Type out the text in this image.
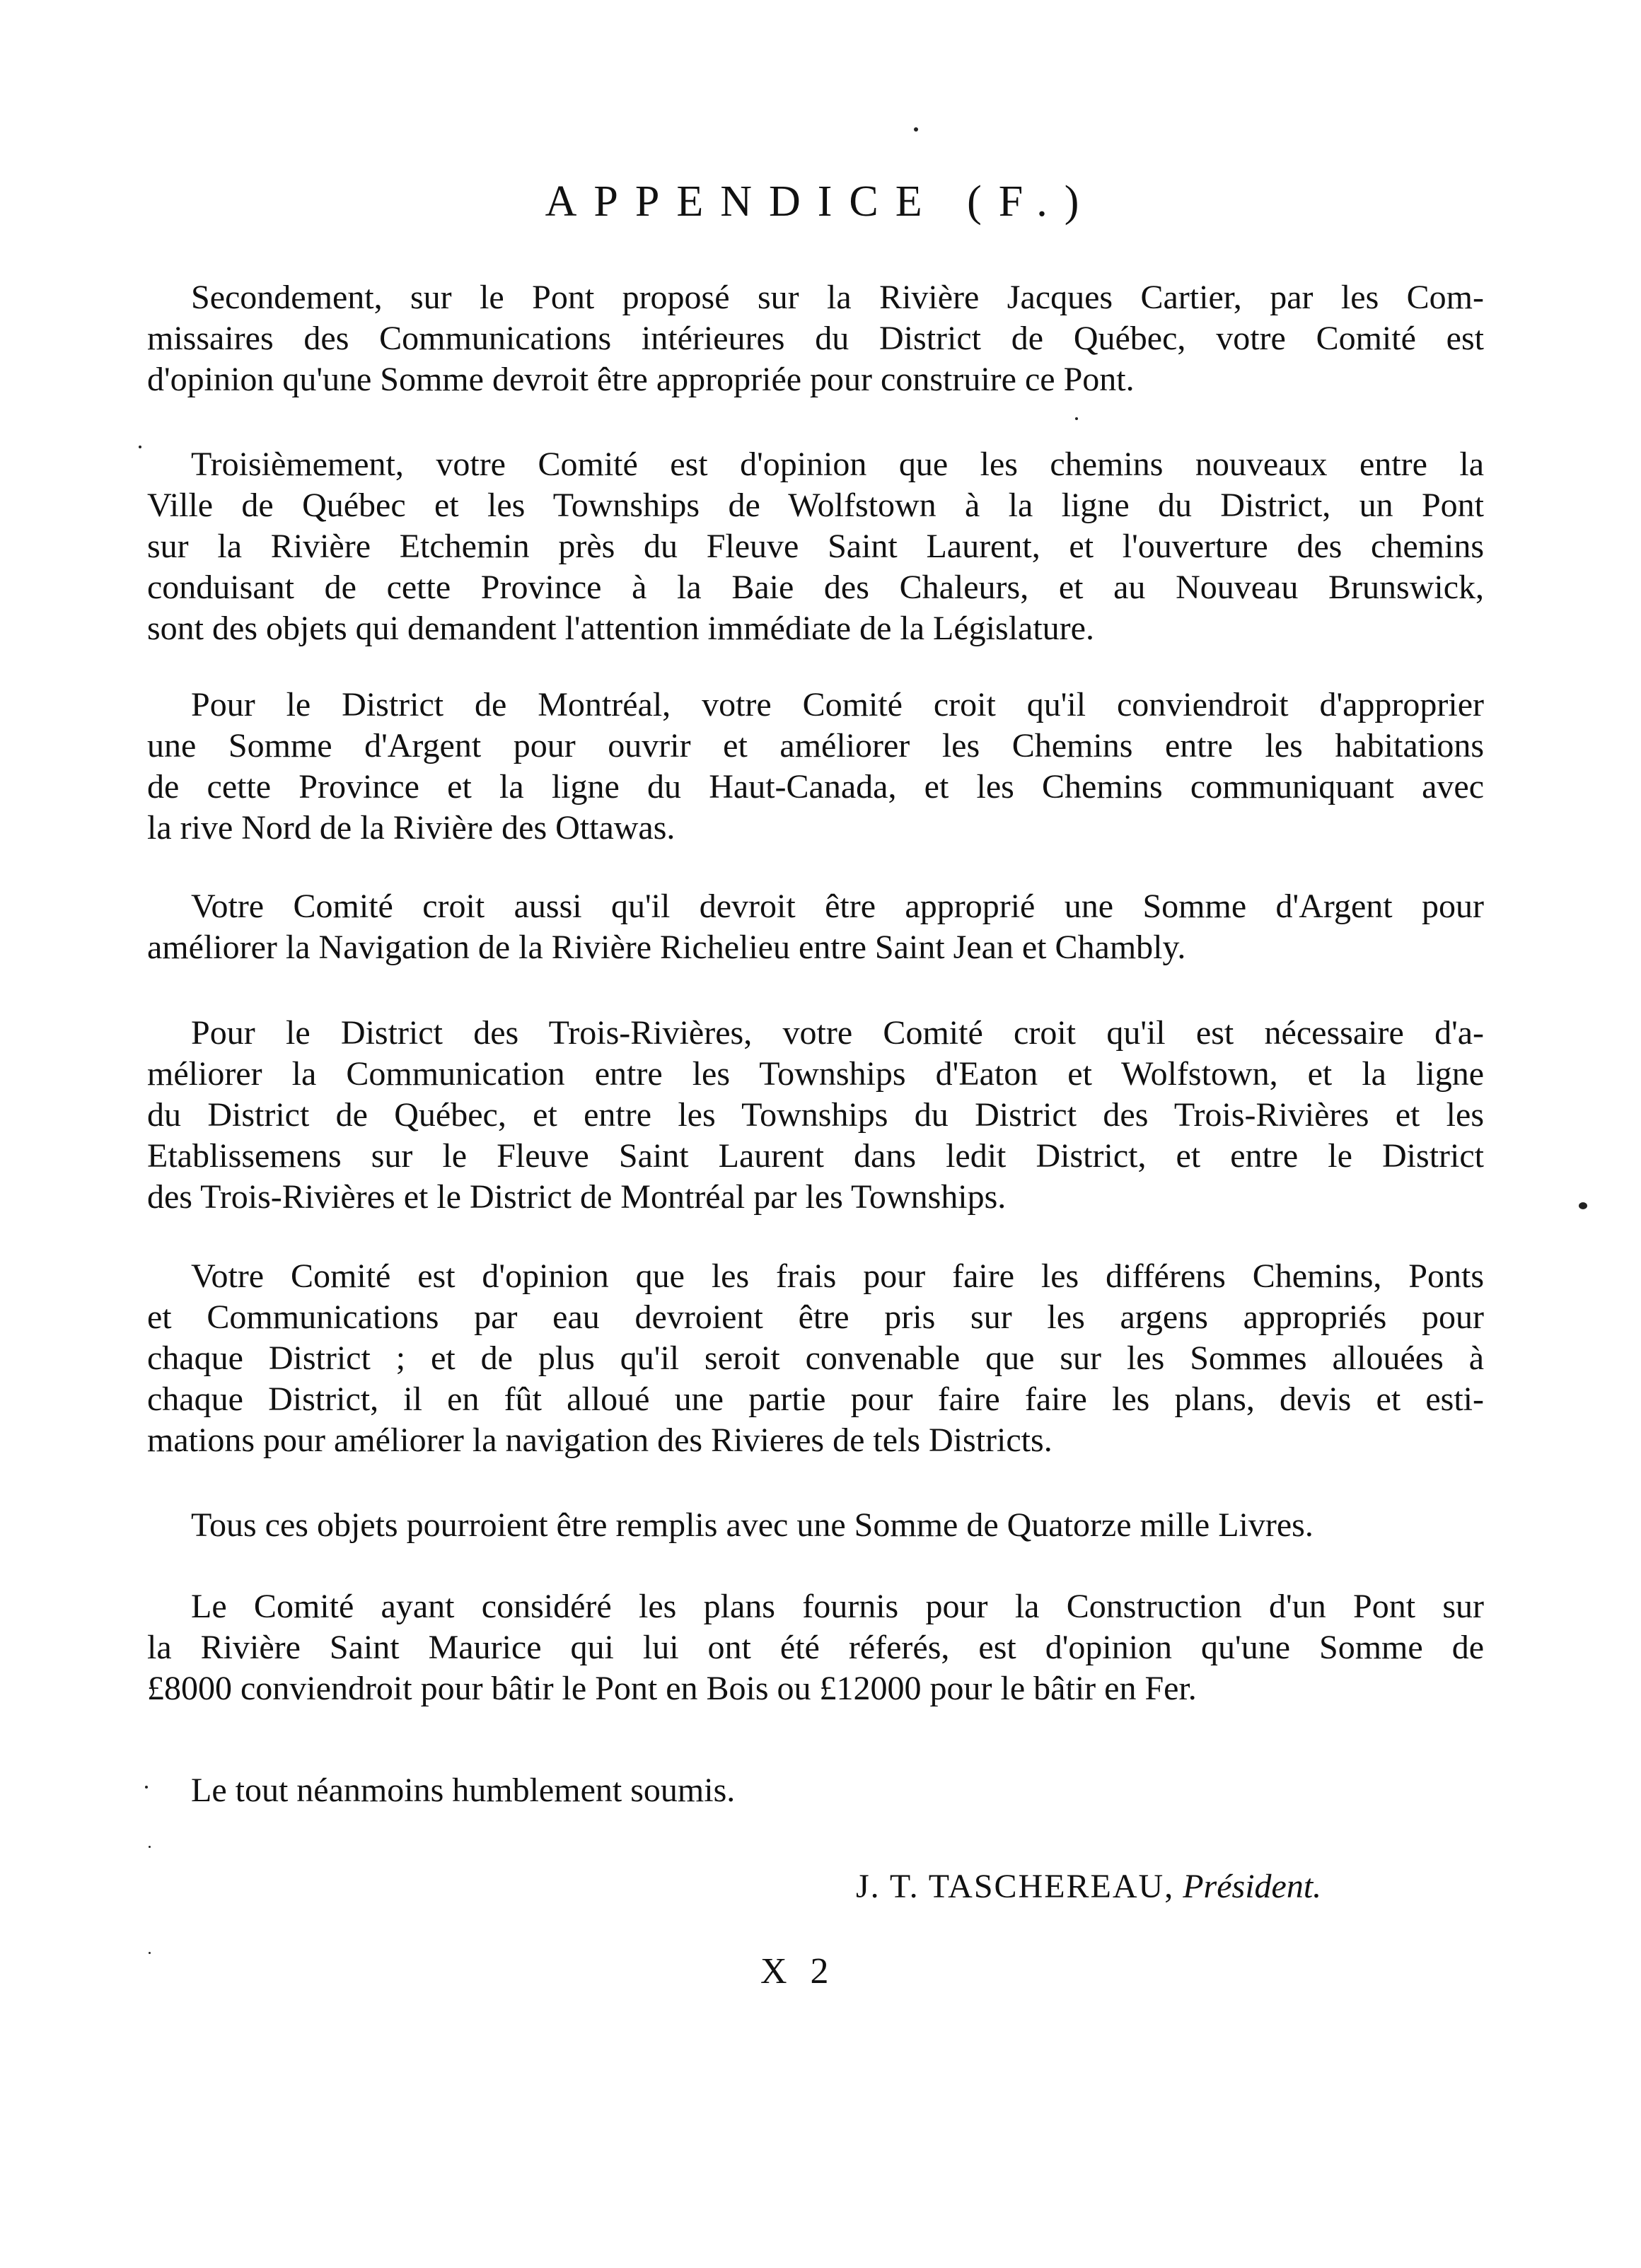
APPENDICE (F.)

Secondement, sur le Pont proposé sur la Rivière Jacques Cartier, par les Com-
missaires des Communications intérieures du District de Québec, votre Comité est
d'opinion qu'une Somme devroit être appropriée pour construire ce Pont.

Troisièmement, votre Comité est d'opinion que les chemins nouveaux entre la
Ville de Québec et les Townships de Wolfstown à la ligne du District, un Pont
sur la Rivière Etchemin près du Fleuve Saint Laurent, et l'ouverture des chemins
conduisant de cette Province à la Baie des Chaleurs, et au Nouveau Brunswick,
sont des objets qui demandent l'attention immédiate de la Législature.

Pour le District de Montréal, votre Comité croit qu'il conviendroit d'approprier
une Somme d'Argent pour ouvrir et améliorer les Chemins entre les habitations
de cette Province et la ligne du Haut-Canada, et les Chemins communiquant avec
la rive Nord de la Rivière des Ottawas.

Votre Comité croit aussi qu'il devroit être approprié une Somme d'Argent pour
améliorer la Navigation de la Rivière Richelieu entre Saint Jean et Chambly.

Pour le District des Trois-Rivières, votre Comité croit qu'il est nécessaire d'a-
méliorer la Communication entre les Townships d'Eaton et Wolfstown, et la ligne
du District de Québec, et entre les Townships du District des Trois-Rivières et les
Etablissemens sur le Fleuve Saint Laurent dans ledit District, et entre le District
des Trois-Rivières et le District de Montréal par les Townships.

Votre Comité est d'opinion que les frais pour faire les différens Chemins, Ponts
et Communications par eau devroient être pris sur les argens appropriés pour
chaque District ; et de plus qu'il seroit convenable que sur les Sommes allouées à
chaque District, il en fût alloué une partie pour faire faire les plans, devis et esti-
mations pour améliorer la navigation des Rivieres de tels Districts.

Tous ces objets pourroient être remplis avec une Somme de Quatorze mille Livres.

Le Comité ayant considéré les plans fournis pour la Construction d'un Pont sur
la Rivière Saint Maurice qui lui ont été réferés, est d'opinion qu'une Somme de
£8000 conviendroit pour bâtir le Pont en Bois ou £12000 pour le bâtir en Fer.

Le tout néanmoins humblement soumis.

J. T. TASCHEREAU, Président.

X 2
